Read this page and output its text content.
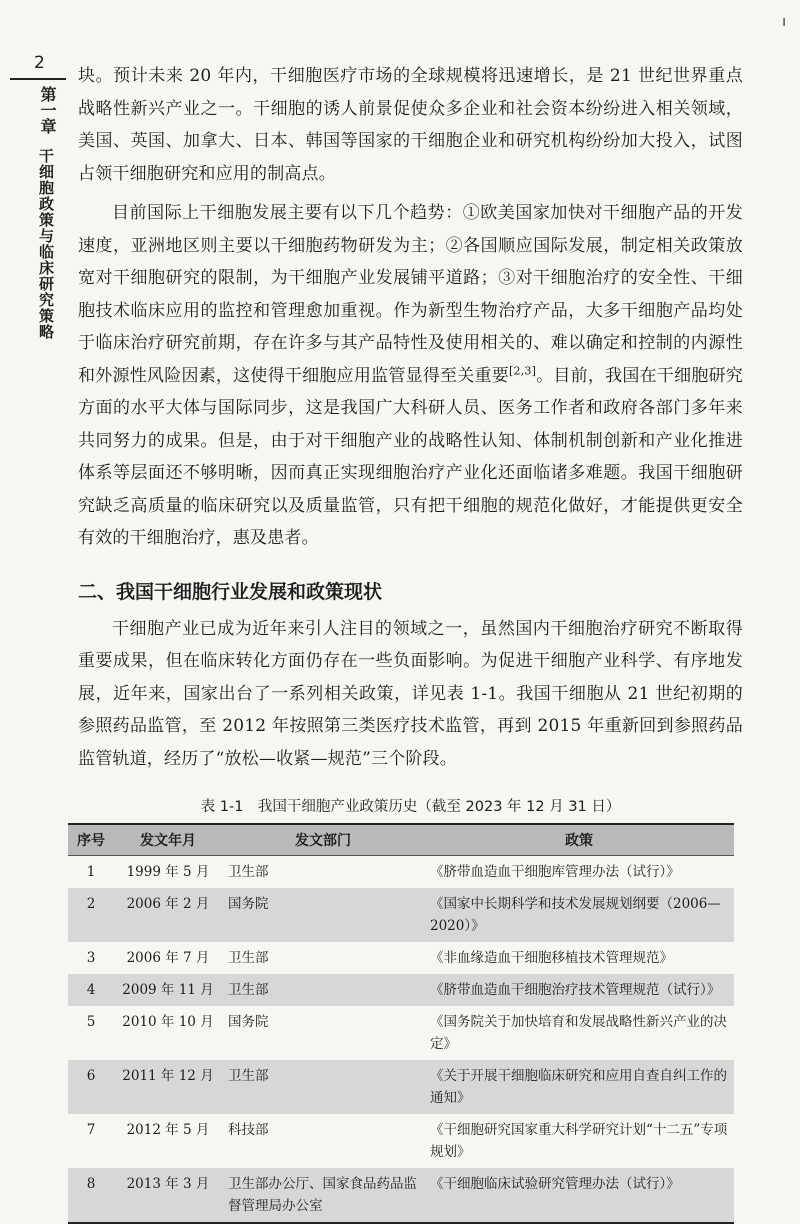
ı
2
第一章
干细胞政策与临床研究策略

块。预计未来 20 年内，干细胞医疗市场的全球规模将迅速增长，是 21 世纪世界重点战略性新兴产业之一。干细胞的诱人前景促使众多企业和社会资本纷纷进入相关领域，美国、英国、加拿大、日本、韩国等国家的干细胞企业和研究机构纷纷加大投入，试图占领干细胞研究和应用的制高点。

目前国际上干细胞发展主要有以下几个趋势：①欧美国家加快对干细胞产品的开发速度，亚洲地区则主要以干细胞药物研发为主；②各国顺应国际发展，制定相关政策放宽对干细胞研究的限制，为干细胞产业发展铺平道路；③对干细胞治疗的安全性、干细胞技术临床应用的监控和管理愈加重视。作为新型生物治疗产品，大多干细胞产品均处于临床治疗研究前期，存在许多与其产品特性及使用相关的、难以确定和控制的内源性和外源性风险因素，这使得干细胞应用监管显得至关重要[2,3]。目前，我国在干细胞研究方面的水平大体与国际同步，这是我国广大科研人员、医务工作者和政府各部门多年来共同努力的成果。但是，由于对干细胞产业的战略性认知、体制机制创新和产业化推进体系等层面还不够明晰，因而真正实现细胞治疗产业化还面临诸多难题。我国干细胞研究缺乏高质量的临床研究以及质量监管，只有把干细胞的规范化做好，才能提供更安全有效的干细胞治疗，惠及患者。

二、我国干细胞行业发展和政策现状

干细胞产业已成为近年来引人注目的领域之一，虽然国内干细胞治疗研究不断取得重要成果，但在临床转化方面仍存在一些负面影响。为促进干细胞产业科学、有序地发展，近年来，国家出台了一系列相关政策，详见表 1-1。我国干细胞从 21 世纪初期的参照药品监管，至 2012 年按照第三类医疗技术监管，再到 2015 年重新回到参照药品监管轨道，经历了“放松—收紧—规范”三个阶段。

表 1-1　我国干细胞产业政策历史（截至 2023 年 12 月 31 日）
序号	发文年月	发文部门	政策
1	1999 年 5 月	卫生部	《脐带血造血干细胞库管理办法（试行）》
2	2006 年 2 月	国务院	《国家中长期科学和技术发展规划纲要（2006—2020）》
3	2006 年 7 月	卫生部	《非血缘造血干细胞移植技术管理规范》
4	2009 年 11 月	卫生部	《脐带血造血干细胞治疗技术管理规范（试行）》
5	2010 年 10 月	国务院	《国务院关于加快培育和发展战略性新兴产业的决定》
6	2011 年 12 月	卫生部	《关于开展干细胞临床研究和应用自查自纠工作的通知》
7	2012 年 5 月	科技部	《干细胞研究国家重大科学研究计划“十二五”专项规划》
8	2013 年 3 月	卫生部办公厅、国家食品药品监督管理局办公室	《干细胞临床试验研究管理办法（试行）》
